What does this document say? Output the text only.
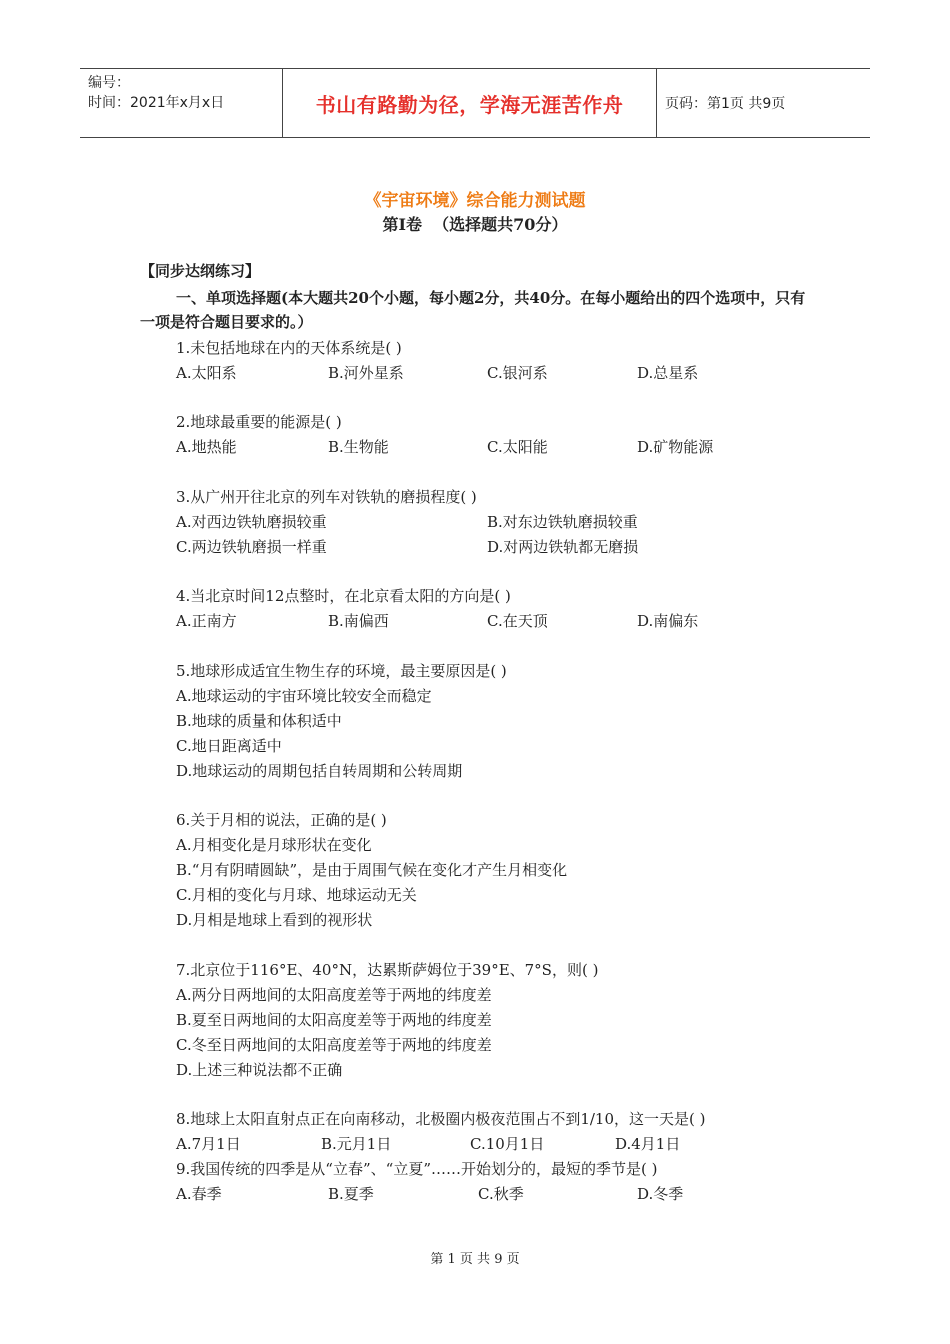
编号：
时间：2021年x月x日	书山有路勤为径，学海无涯苦作舟	页码：第1页 共9页
《宇宙环境》综合能力测试题
第Ⅰ卷  （选择题共70分）
【同步达纲练习】
一、单项选择题(本大题共20个小题，每小题2分，共40分。在每小题给出的四个选项中，只有一项是符合题目要求的。）
1.未包括地球在内的天体系统是( )
A.太阳系	B.河外星系	C.银河系	D.总星系
2.地球最重要的能源是( )
A.地热能	B.生物能	C.太阳能	D.矿物能源
3.从广州开往北京的列车对铁轨的磨损程度( )
A.对西边铁轨磨损较重	B.对东边铁轨磨损较重
C.两边铁轨磨损一样重	D.对两边铁轨都无磨损
4.当北京时间12点整时，在北京看太阳的方向是( )
A.正南方	B.南偏西	C.在天顶	D.南偏东
5.地球形成适宜生物生存的环境，最主要原因是( )
A.地球运动的宇宙环境比较安全而稳定
B.地球的质量和体积适中
C.地日距离适中
D.地球运动的周期包括自转周期和公转周期
6.关于月相的说法，正确的是( )
A.月相变化是月球形状在变化
B.“月有阴晴圆缺”，是由于周围气候在变化才产生月相变化
C.月相的变化与月球、地球运动无关
D.月相是地球上看到的视形状
7.北京位于116°E、40°N，达累斯萨姆位于39°E、7°S，则( )
A.两分日两地间的太阳高度差等于两地的纬度差
B.夏至日两地间的太阳高度差等于两地的纬度差
C.冬至日两地间的太阳高度差等于两地的纬度差
D.上述三种说法都不正确
8.地球上太阳直射点正在向南移动，北极圈内极夜范围占不到1/10，这一天是( )
A.7月1日	B.元月1日	C.10月1日	D.4月1日
9.我国传统的四季是从“立春”、“立夏”……开始划分的，最短的季节是( )
A.春季	B.夏季	C.秋季	D.冬季
第 1 页 共 9 页
